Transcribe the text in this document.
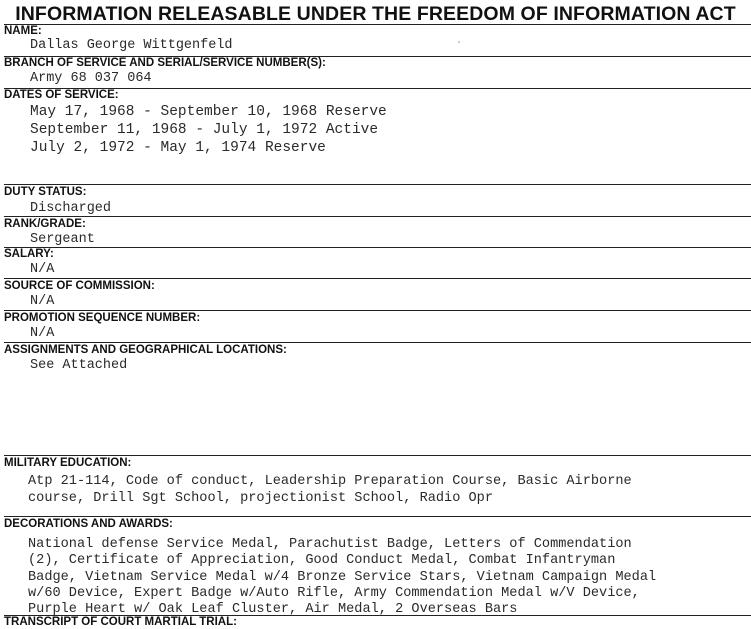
INFORMATION RELEASABLE UNDER THE FREEDOM OF INFORMATION ACT
NAME:
Dallas George Wittgenfeld
BRANCH OF SERVICE AND SERIAL/SERVICE NUMBER(S):
Army 68 037 064
DATES OF SERVICE:
May 17, 1968 - September 10, 1968 Reserve
September 11, 1968 - July 1, 1972 Active
July 2, 1972 - May 1, 1974 Reserve
DUTY STATUS:
Discharged
RANK/GRADE:
Sergeant
SALARY:
N/A
SOURCE OF COMMISSION:
N/A
PROMOTION SEQUENCE NUMBER:
N/A
ASSIGNMENTS AND GEOGRAPHICAL LOCATIONS:
See Attached
MILITARY EDUCATION:
Atp 21-114, Code of conduct, Leadership Preparation Course, Basic Airborne
course, Drill Sgt School, projectionist School, Radio Opr
DECORATIONS AND AWARDS:
National defense Service Medal, Parachutist Badge, Letters of Commendation
(2), Certificate of Appreciation, Good Conduct Medal, Combat Infantryman
Badge, Vietnam Service Medal w/4 Bronze Service Stars, Vietnam Campaign Medal
w/60 Device, Expert Badge w/Auto Rifle, Army Commendation Medal w/V Device,
Purple Heart w/ Oak Leaf Cluster, Air Medal, 2 Overseas Bars
TRANSCRIPT OF COURT MARTIAL TRIAL:
